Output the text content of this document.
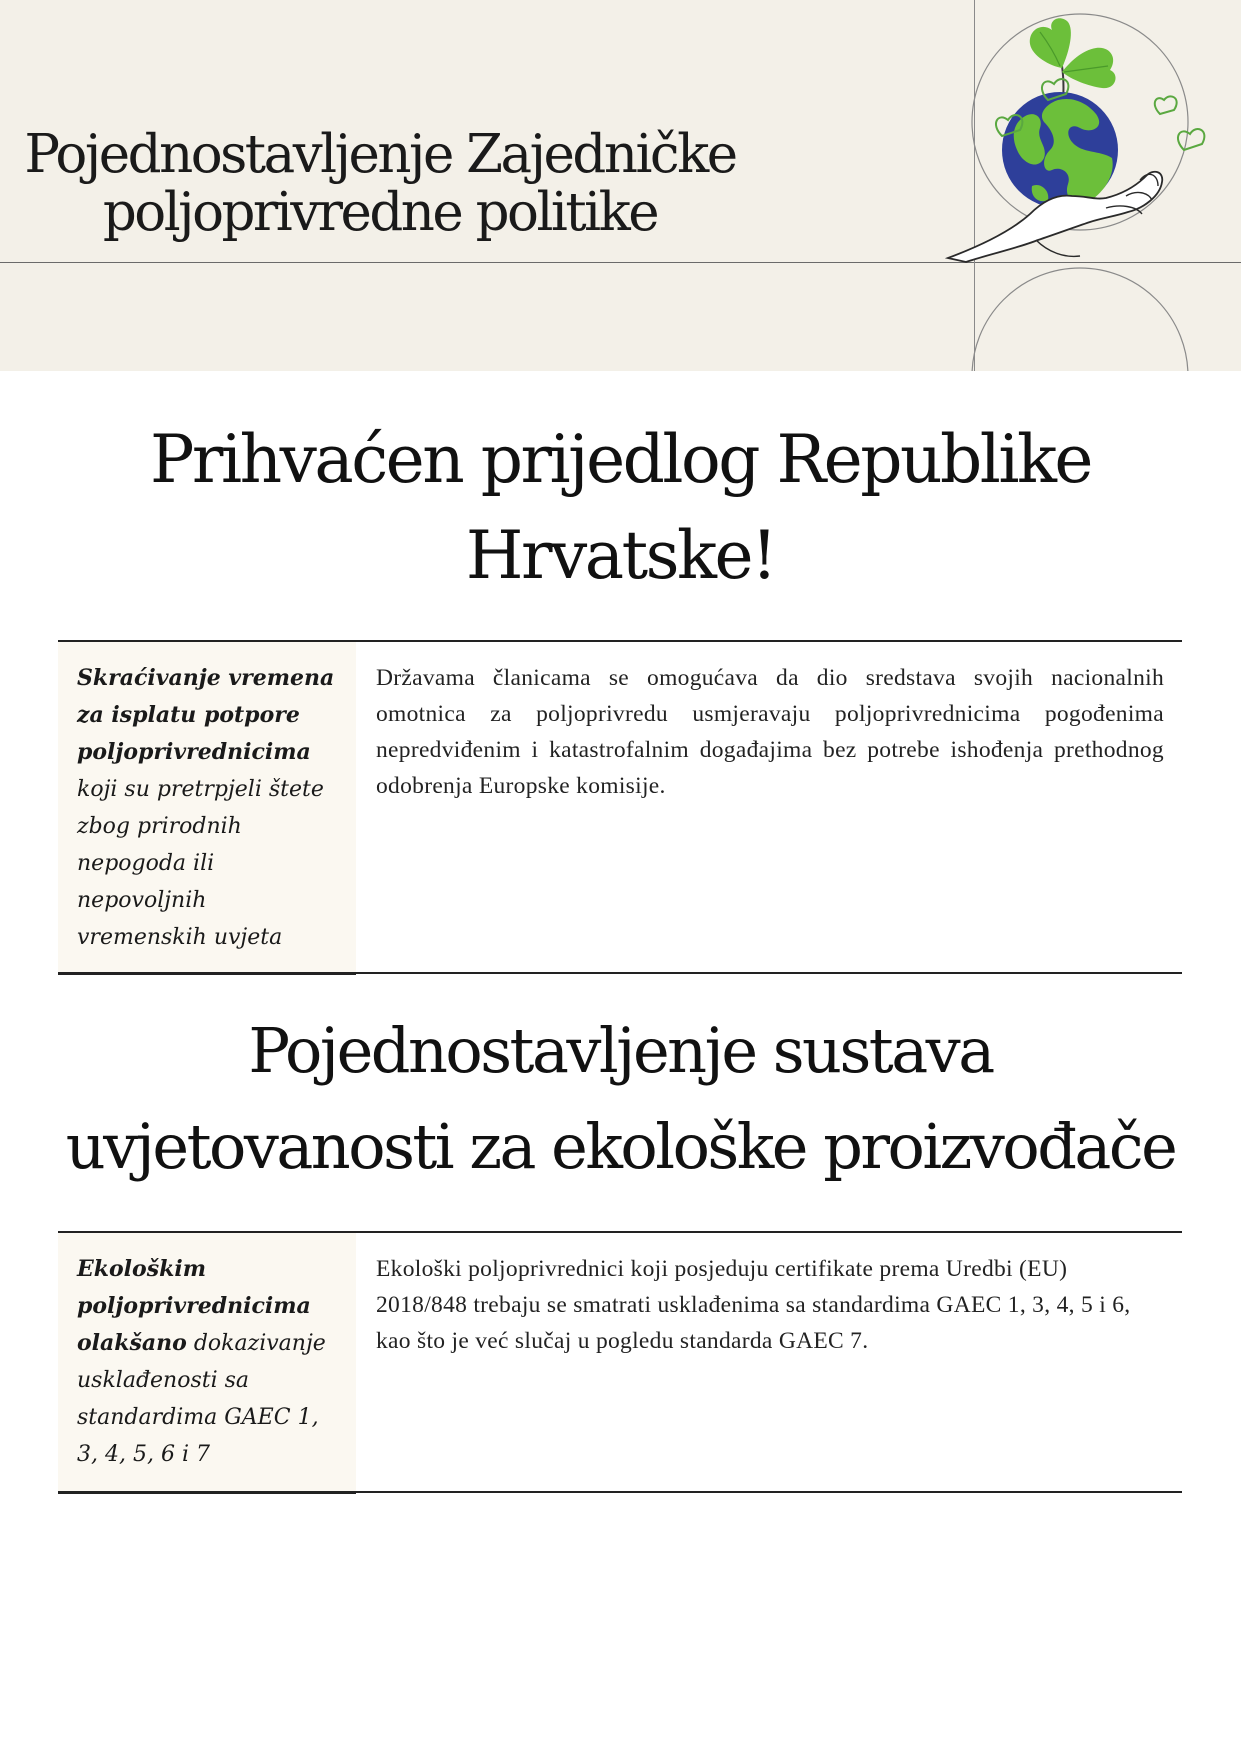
Pojednostavljenje Zajedničke
poljoprivredne politike
Prihvaćen prijedlog Republike
Hrvatske!

Skraćivanje vremena za isplatu potpore poljoprivrednicima koji su pretrpjeli štete zbog prirodnih nepogoda ili nepovoljnih vremenskih uvjeta

Državama članicama se omogućava da dio sredstava svojih nacionalnih omotnica za poljoprivredu usmjeravaju poljoprivrednicima pogođenima nepredviđenim i katastrofalnim događajima bez potrebe ishođenja prethodnog odobrenja Europske komisije.

Pojednostavljenje sustava
uvjetovanosti za ekološke proizvođače

Ekološkim poljoprivrednicima olakšano dokazivanje usklađenosti sa standardima GAEC 1, 3, 4, 5, 6 i 7

Ekološki poljoprivrednici koji posjeduju certifikate prema Uredbi (EU) 2018/848 trebaju se smatrati usklađenima sa standardima GAEC 1, 3, 4, 5 i 6, kao što je već slučaj u pogledu standarda GAEC 7.
